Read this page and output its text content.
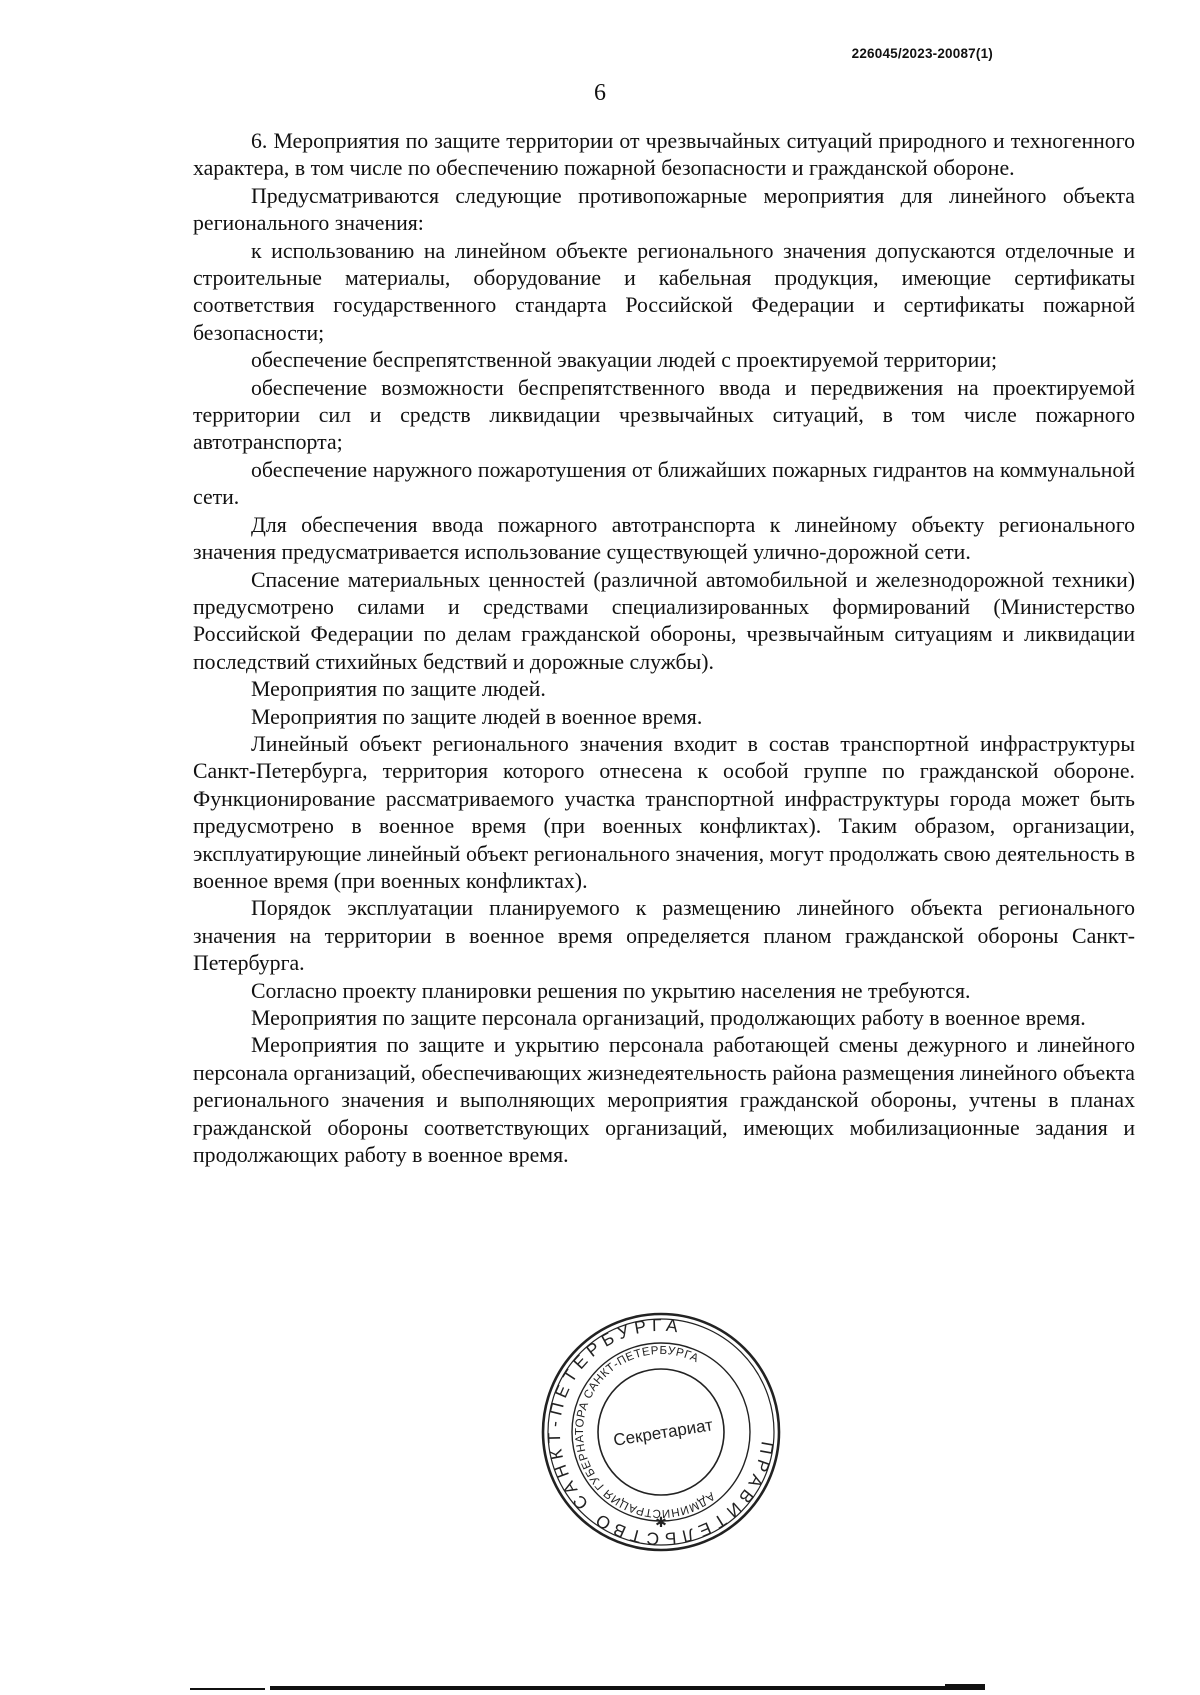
226045/2023-20087(1)
6

6. Мероприятия по защите территории от чрезвычайных ситуаций природного и техногенного характера, в том числе по обеспечению пожарной безопасности и гражданской обороне.

Предусматриваются следующие противопожарные мероприятия для линейного объекта регионального значения:

к использованию на линейном объекте регионального значения допускаются отделочные и строительные материалы, оборудование и кабельная продукция, имеющие сертификаты соответствия государственного стандарта Российской Федерации и сертификаты пожарной безопасности;

обеспечение беспрепятственной эвакуации людей с проектируемой территории;

обеспечение возможности беспрепятственного ввода и передвижения на проектируемой территории сил и средств ликвидации чрезвычайных ситуаций, в том числе пожарного автотранспорта;

обеспечение наружного пожаротушения от ближайших пожарных гидрантов на коммунальной сети.

Для обеспечения ввода пожарного автотранспорта к линейному объекту регионального значения предусматривается использование существующей улично-дорожной сети.

Спасение материальных ценностей (различной автомобильной и железнодорожной техники) предусмотрено силами и средствами специализированных формирований (Министерство Российской Федерации по делам гражданской обороны, чрезвычайным ситуациям и ликвидации последствий стихийных бедствий и дорожные службы).

Мероприятия по защите людей.

Мероприятия по защите людей в военное время.

Линейный объект регионального значения входит в состав транспортной инфраструктуры Санкт-Петербурга, территория которого отнесена к особой группе по гражданской обороне. Функционирование рассматриваемого участка транспортной инфраструктуры города может быть предусмотрено в военное время (при военных конфликтах). Таким образом, организации, эксплуатирующие линейный объект регионального значения, могут продолжать свою деятельность в военное время (при военных конфликтах).

Порядок эксплуатации планируемого к размещению линейного объекта регионального значения на территории в военное время определяется планом гражданской обороны Санкт-Петербурга.

Согласно проекту планировки решения по укрытию населения не требуются.

Мероприятия по защите персонала организаций, продолжающих работу в военное время.

Мероприятия по защите и укрытию персонала работающей смены дежурного и линейного персонала организаций, обеспечивающих жизнедеятельность района размещения линейного объекта регионального значения и выполняющих мероприятия гражданской обороны, учтены в планах гражданской обороны соответствующих организаций, имеющих мобилизационные задания и продолжающих работу в военное время.

ПРАВИТЕЛЬСТВО САНКТ-ПЕТЕРБУРГА
АДМИНИСТРАЦИЯ ГУБЕРНАТОРА САНКТ-ПЕТЕРБУРГА
✱
Секретариат
